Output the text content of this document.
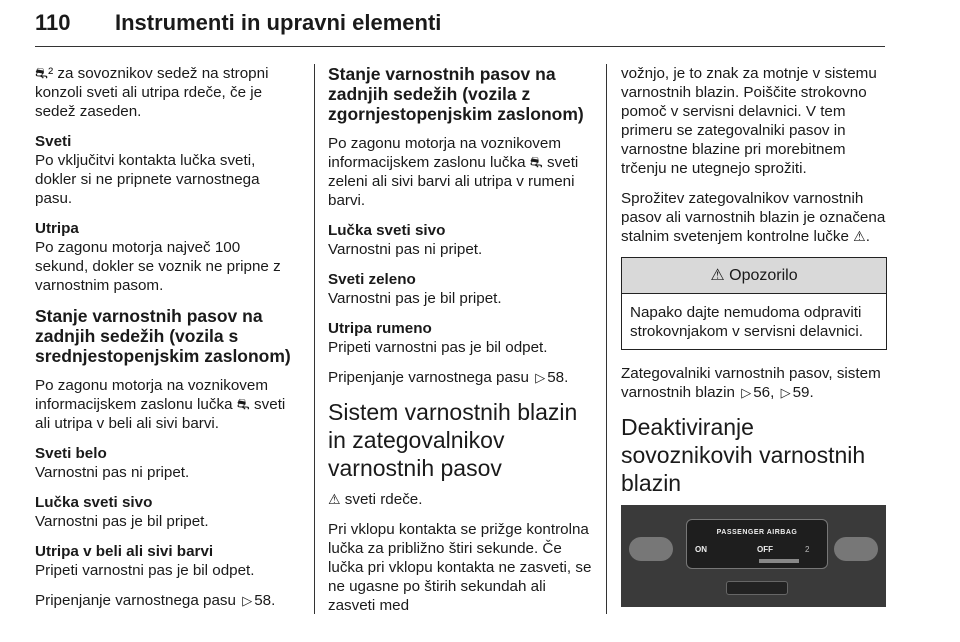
110 Instrumenti in upravni elementi

⛐² za sovoznikov sedež na stropni konzoli sveti ali utripa rdeče, če je sedež zaseden.

Sveti

Po vključitvi kontakta lučka sveti, dokler si ne pripnete varnostnega pasu.

Utripa

Po zagonu motorja največ 100 sekund, dokler se voznik ne pripne z varnostnim pasom.

Stanje varnostnih pasov na zadnjih sedežih (vozila s srednjestopenjskim zaslonom)

Po zagonu motorja na voznikovem informacijskem zaslonu lučka ⛐ sveti ali utripa v beli ali sivi barvi.

Sveti belo

Varnostni pas ni pripet.

Lučka sveti sivo

Varnostni pas je bil pripet.

Utripa v beli ali sivi barvi

Pripeti varnostni pas je bil odpet.

Pripenjanje varnostnega pasu ▷ 58.

Stanje varnostnih pasov na zadnjih sedežih (vozila z zgornjestopenjskim zaslonom)

Po zagonu motorja na voznikovem informacijskem zaslonu lučka ⛐ sveti zeleni ali sivi barvi ali utripa v rumeni barvi.

Lučka sveti sivo

Varnostni pas ni pripet.

Sveti zeleno

Varnostni pas je bil pripet.

Utripa rumeno

Pripeti varnostni pas je bil odpet.

Pripenjanje varnostnega pasu ▷ 58.

Sistem varnostnih blazin in zategovalnikov varnostnih pasov

⚠ sveti rdeče.

Pri vklopu kontakta se prižge kontrolna lučka za približno štiri sekunde. Če lučka pri vklopu kontakta ne zasveti, se ne ugasne po štirih sekundah ali zasveti med

vožnjo, je to znak za motnje v sistemu varnostnih blazin. Poiščite strokovno pomoč v servisni delavnici. V tem primeru se zategovalniki pasov in varnostne blazine pri morebitnem trčenju ne utegnejo sprožiti.

Sprožitev zategovalnikov varnostnih pasov ali varnostnih blazin je označena stalnim svetenjem kontrolne lučke ⚠.

⚠ Opozorilo
Napako dajte nemudoma odpraviti strokovnjakom v servisni delavnici.

Zategovalniki varnostnih pasov, sistem varnostnih blazin ▷ 56, ▷ 59.

Deaktiviranje sovoznikovih varnostnih blazin
PASSENGER AIRBAG
ON	OFF	2
